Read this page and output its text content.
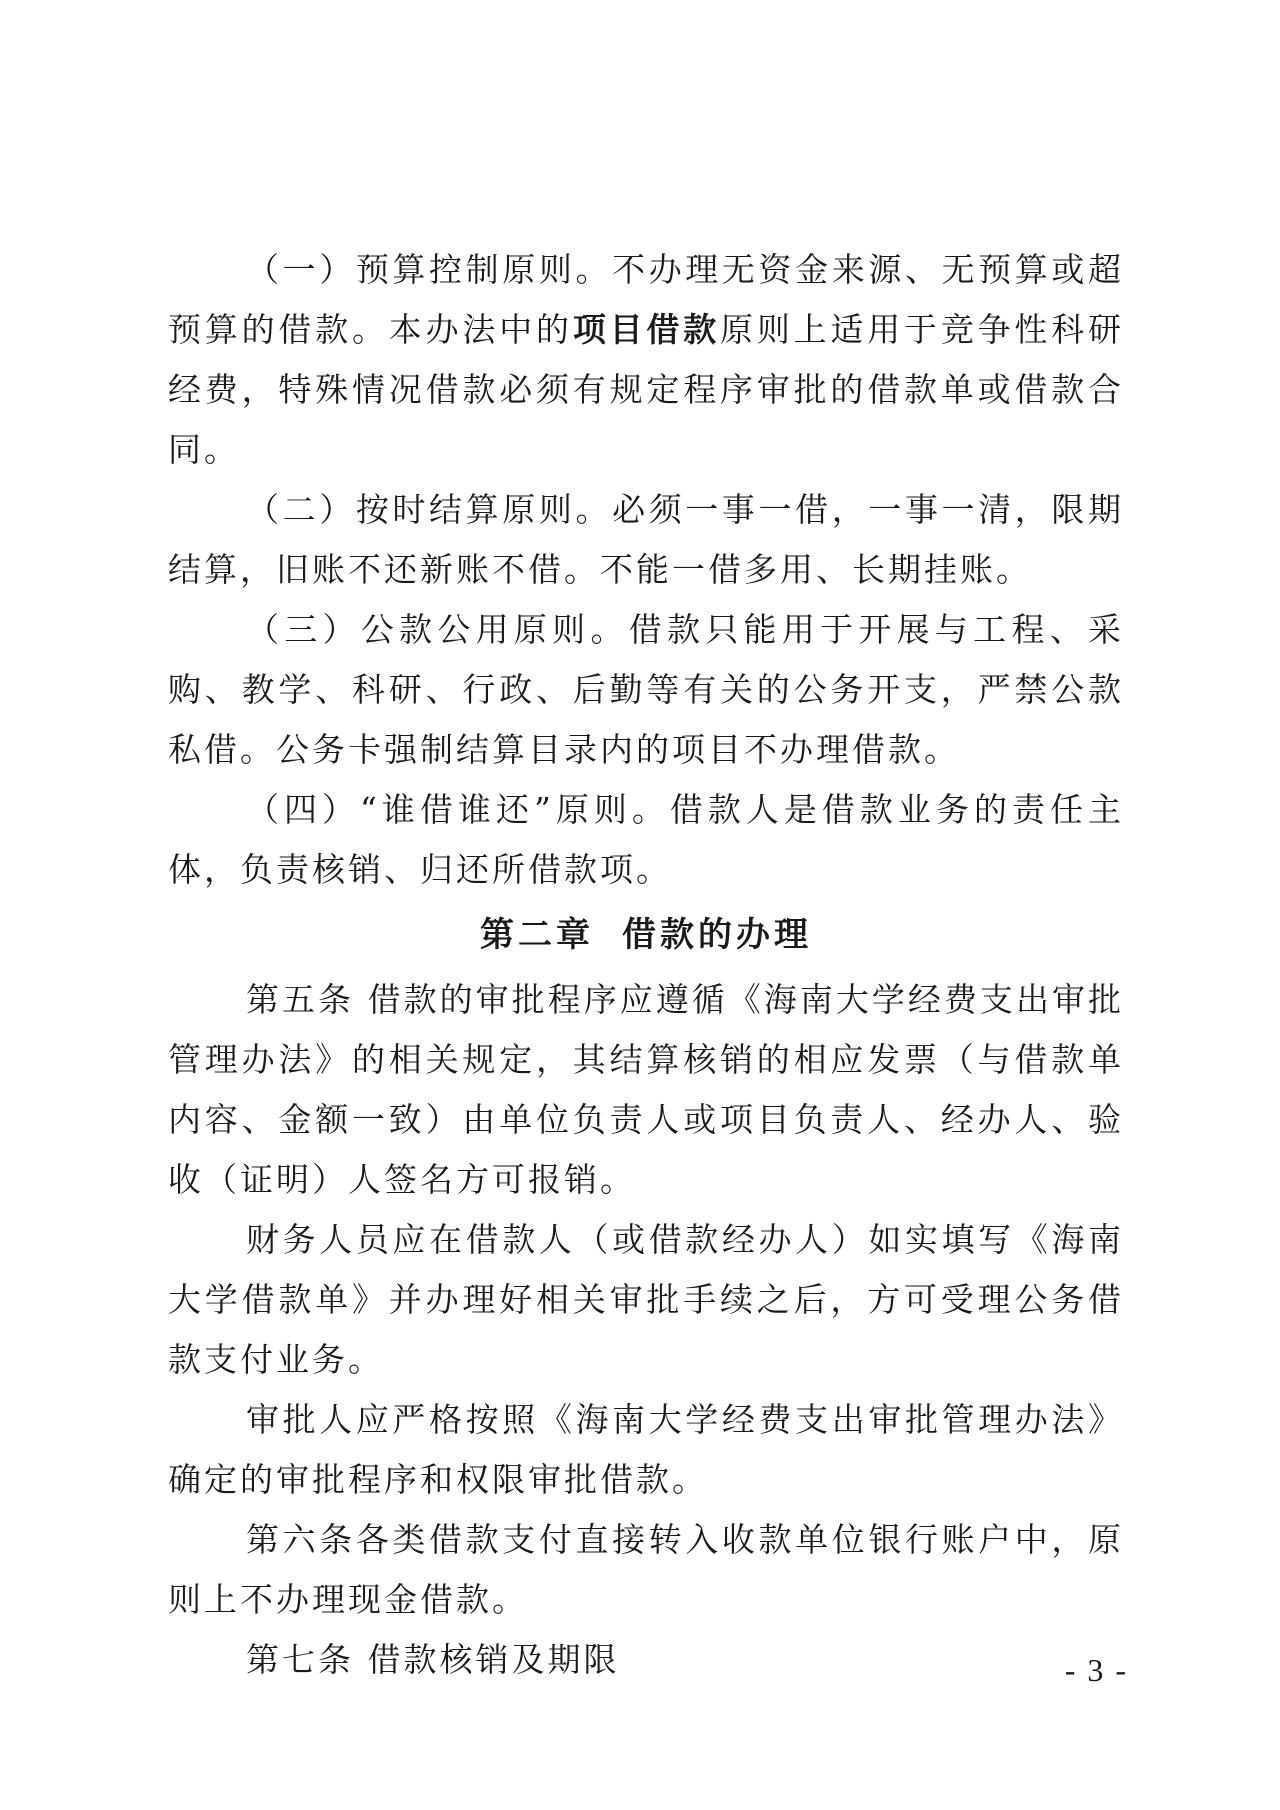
（一）预算控制原则。不办理无资金来源、无预算或超预算的借款。本办法中的项目借款原则上适用于竞争性科研经费，特殊情况借款必须有规定程序审批的借款单或借款合同。

（二）按时结算原则。必须一事一借，一事一清，限期结算，旧账不还新账不借。不能一借多用、长期挂账。

（三）公款公用原则。借款只能用于开展与工程、采购、教学、科研、行政、后勤等有关的公务开支，严禁公款私借。公务卡强制结算目录内的项目不办理借款。

（四）“谁借谁还”原则。借款人是借款业务的责任主体，负责核销、归还所借款项。

第二章 借款的办理

第五条 借款的审批程序应遵循《海南大学经费支出审批管理办法》的相关规定，其结算核销的相应发票（与借款单内容、金额一致）由单位负责人或项目负责人、经办人、验收（证明）人签名方可报销。

财务人员应在借款人（或借款经办人）如实填写《海南大学借款单》并办理好相关审批手续之后，方可受理公务借款支付业务。

审批人应严格按照《海南大学经费支出审批管理办法》确定的审批程序和权限审批借款。

第六条各类借款支付直接转入收款单位银行账户中，原则上不办理现金借款。

第七条 借款核销及期限	- 3 -
